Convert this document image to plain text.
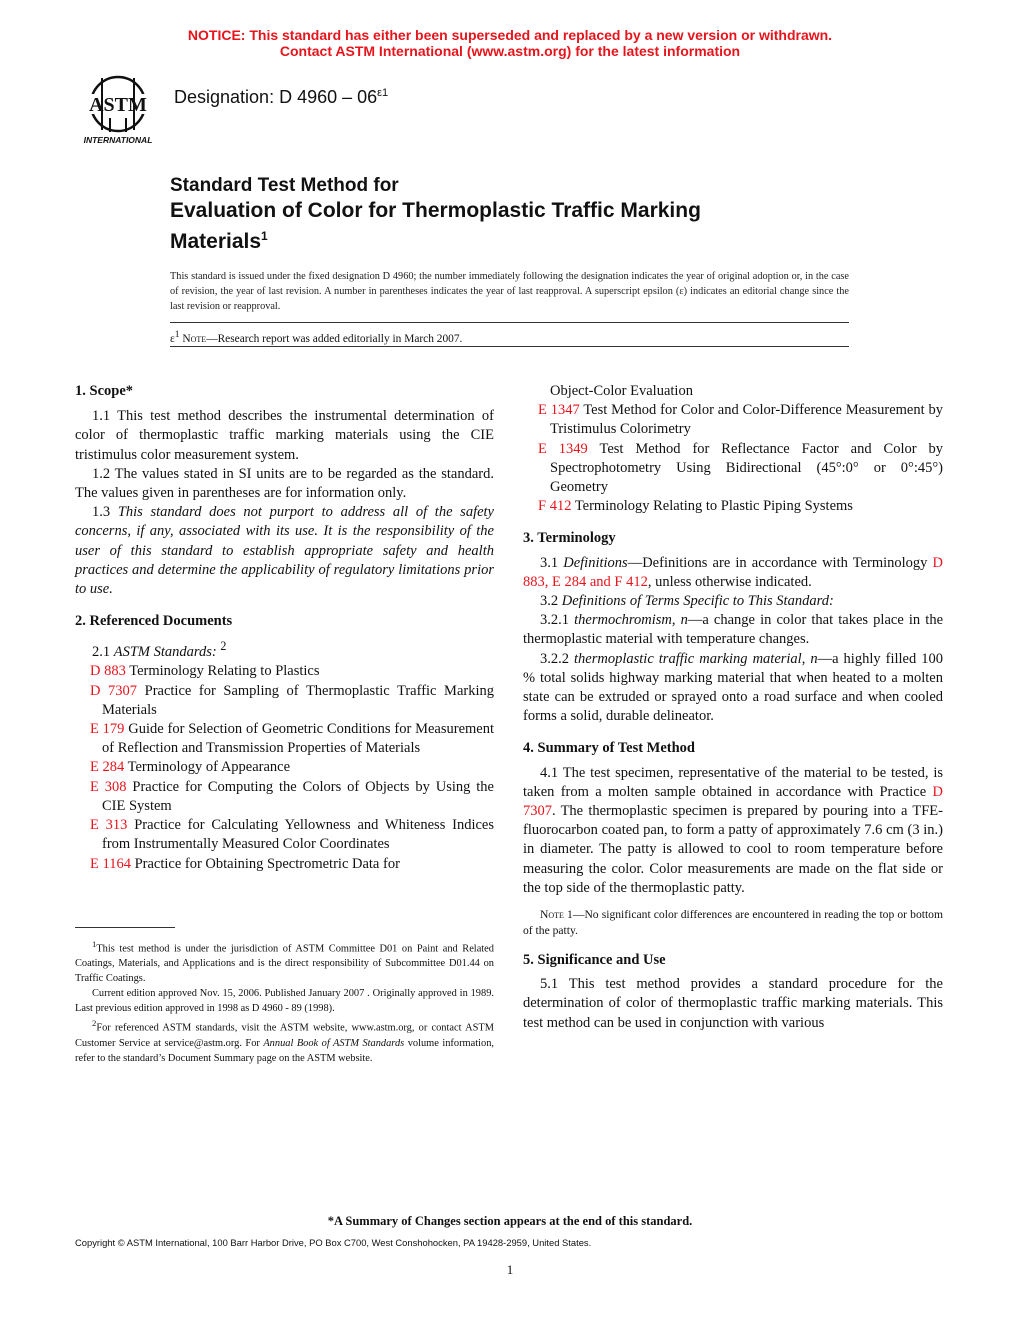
NOTICE: This standard has either been superseded and replaced by a new version or withdrawn.
Contact ASTM International (www.astm.org) for the latest information
ASTM
INTERNATIONAL
Designation: D $4960 - 06^{\varepsilon 1}$
Standard Test Method for
Evaluation of Color for Thermoplastic Traffic Marking
Materials$^1$
This standard is issued under the fixed designation D 4960; the number immediately following the designation indicates the year of original adoption or, in the case of revision, the year of last revision. A number in parentheses indicates the year of last reapproval. A superscript epsilon (ε) indicates an editorial change since the last revision or reapproval.
$\varepsilon^1$ Note—Research report was added editorially in March 2007.
1. Scope*
1.1 This test method describes the instrumental determination of color of thermoplastic traffic marking materials using the CIE tristimulus color measurement system.
1.2 The values stated in SI units are to be regarded as the standard. The values given in parentheses are for information only.
1.3 This standard does not purport to address all of the safety concerns, if any, associated with its use. It is the responsibility of the user of this standard to establish appropriate safety and health practices and determine the applicability of regulatory limitations prior to use.
2. Referenced Documents
2.1 ASTM Standards: $^2$
D 883 Terminology Relating to Plastics
D 7307 Practice for Sampling of Thermoplastic Traffic Marking Materials
E 179 Guide for Selection of Geometric Conditions for Measurement of Reflection and Transmission Properties of Materials
E 284 Terminology of Appearance
E 308 Practice for Computing the Colors of Objects by Using the CIE System
E 313 Practice for Calculating Yellowness and Whiteness Indices from Instrumentally Measured Color Coordinates
E 1164 Practice for Obtaining Spectrometric Data for

$^1$This test method is under the jurisdiction of ASTM Committee D01 on Paint and Related Coatings, Materials, and Applications and is the direct responsibility of Subcommittee D01.44 on Traffic Coatings.

Current edition approved Nov. 15, 2006. Published January 2007 . Originally approved in 1989. Last previous edition approved in 1998 as D 4960 - 89 (1998).

$^2$For referenced ASTM standards, visit the ASTM website, www.astm.org, or contact ASTM Customer Service at service@astm.org. For Annual Book of ASTM Standards volume information, refer to the standard’s Document Summary page on the ASTM website.

Object-Color Evaluation
E 1347 Test Method for Color and Color-Difference Measurement by Tristimulus Colorimetry
E 1349 Test Method for Reflectance Factor and Color by Spectrophotometry Using Bidirectional (45°:0° or 0°:45°) Geometry
F 412 Terminology Relating to Plastic Piping Systems
3. Terminology
3.1 Definitions—Definitions are in accordance with Terminology D 883, E 284 and F 412, unless otherwise indicated.
3.2 Definitions of Terms Specific to This Standard:
3.2.1 thermochromism, n—a change in color that takes place in the thermoplastic material with temperature changes.
3.2.2 thermoplastic traffic marking material, n—a highly filled 100 % total solids highway marking material that when heated to a molten state can be extruded or sprayed onto a road surface and when cooled forms a solid, durable delineator.
4. Summary of Test Method
4.1 The test specimen, representative of the material to be tested, is taken from a molten sample obtained in accordance with Practice D 7307. The thermoplastic specimen is prepared by pouring into a TFE-fluorocarbon coated pan, to form a patty of approximately 7.6 cm (3 in.) in diameter. The patty is allowed to cool to room temperature before measuring the color. Color measurements are made on the flat side or the top side of the thermoplastic patty.
Note 1—No significant color differences are encountered in reading the top or bottom of the patty.
5. Significance and Use
5.1 This test method provides a standard procedure for the determination of color of thermoplastic traffic marking materials. This test method can be used in conjunction with various
*A Summary of Changes section appears at the end of this standard.
Copyright © ASTM International, 100 Barr Harbor Drive, PO Box C700, West Conshohocken, PA 19428-2959, United States.
1
